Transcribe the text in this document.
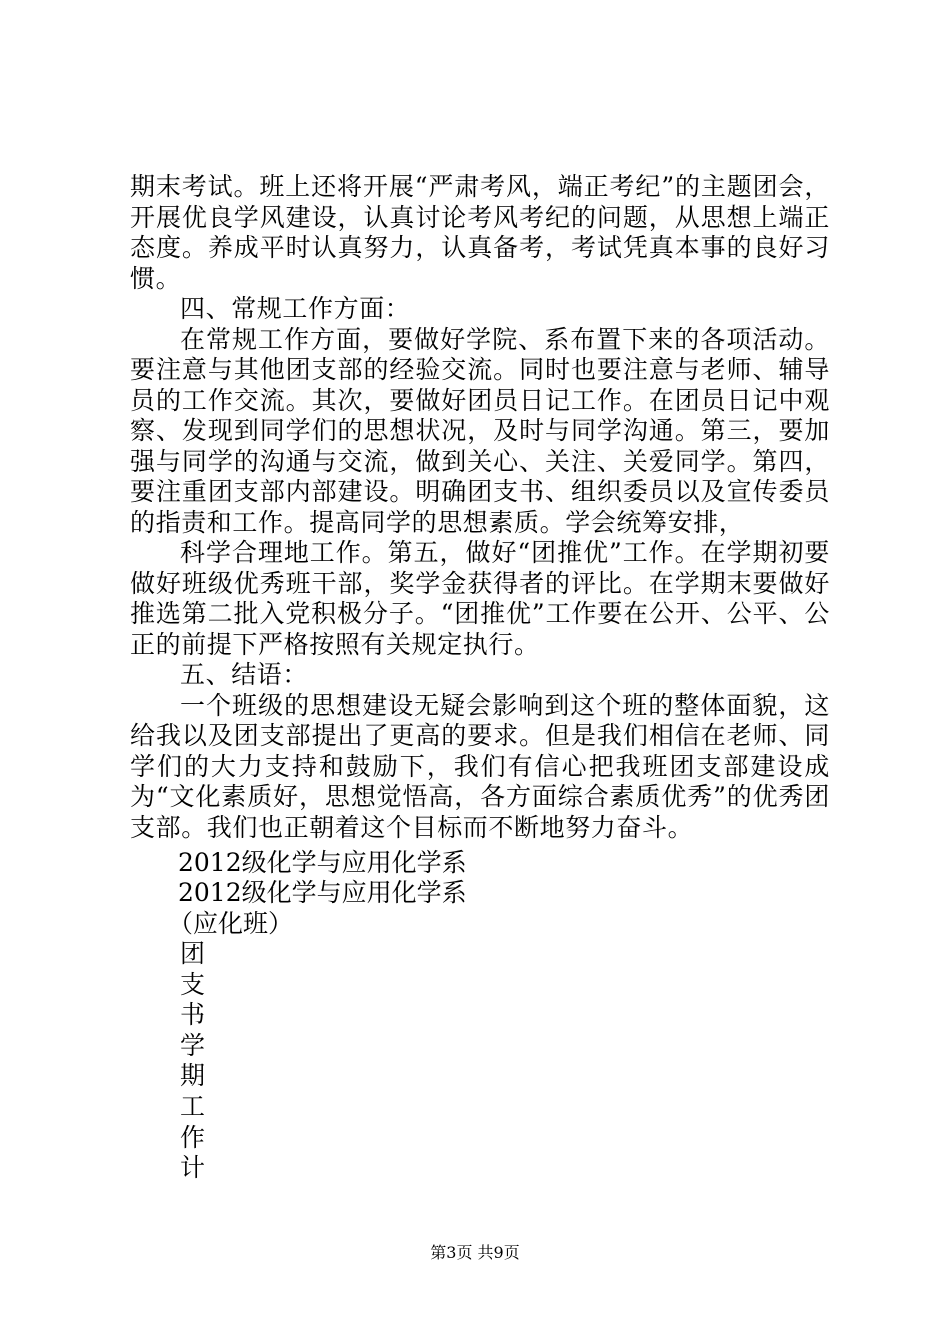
期末考试。班上还将开展“严肃考风，端正考纪”的主题团会，开展优良学风建设，认真讨论考风考纪的问题，从思想上端正态度。养成平时认真努力，认真备考，考试凭真本事的良好习惯。

四、常规工作方面：

在常规工作方面，要做好学院、系布置下来的各项活动。要注意与其他团支部的经验交流。同时也要注意与老师、辅导员的工作交流。其次，要做好团员日记工作。在团员日记中观察、发现到同学们的思想状况，及时与同学沟通。第三，要加强与同学的沟通与交流，做到关心、关注、关爱同学。第四，要注重团支部内部建设。明确团支书、组织委员以及宣传委员的指责和工作。提高同学的思想素质。学会统筹安排，

科学合理地工作。第五，做好“团推优”工作。在学期初要做好班级优秀班干部，奖学金获得者的评比。在学期末要做好推选第二批入党积极分子。“团推优”工作要在公开、公平、公正的前提下严格按照有关规定执行。

五、结语：

一个班级的思想建设无疑会影响到这个班的整体面貌，这给我以及团支部提出了更高的要求。但是我们相信在老师、同学们的大力支持和鼓励下，我们有信心把我班团支部建设成为“文化素质好，思想觉悟高，各方面综合素质优秀”的优秀团支部。我们也正朝着这个目标而不断地努力奋斗。

2012级化学与应用化学系
2012级化学与应用化学系
（应化班）
团
支
书
学
期
工
作
计
第3页 共9页
